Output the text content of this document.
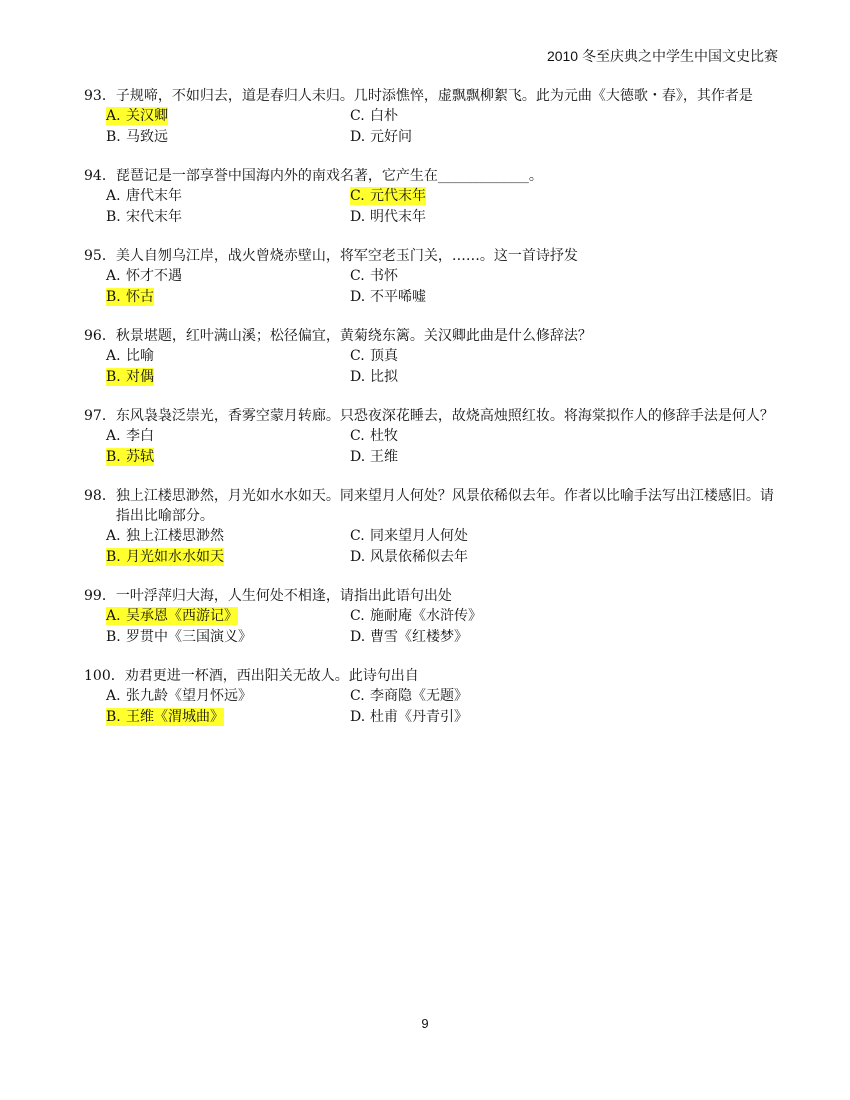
2010 冬至庆典之中学生中国文史比赛
93． 子规啼，不如归去，道是春归人未归。几时添憔悴，虚飘飘柳絮飞。此为元曲《大德歌・春》，其作者是
A. 关汉卿	C. 白朴
B. 马致远	D. 元好问
94． 琵琶记是一部享誉中国海内外的南戏名著，它产生在_____________。
A. 唐代末年	C. 元代末年
B. 宋代末年	D. 明代末年
95． 美人自刎乌江岸，战火曾烧赤壁山，将军空老玉门关，……。这一首诗抒发
A. 怀才不遇	C. 书怀
B. 怀古	D. 不平唏嘘
96． 秋景堪题，红叶满山溪；松径偏宜，黄菊绕东篱。关汉卿此曲是什么修辞法？
A. 比喻	C. 顶真
B. 对偶	D. 比拟
97． 东风袅袅泛崇光，香雾空蒙月转廊。只恐夜深花睡去，故烧高烛照红妆。将海棠拟作人的修辞手法是何人？
A. 李白	C. 杜牧
B. 苏轼	D. 王维
98． 独上江楼思渺然，月光如水水如天。同来望月人何处？风景依稀似去年。作者以比喻手法写出江楼感旧。请指出比喻部分。
A. 独上江楼思渺然	C. 同来望月人何处
B. 月光如水水如天	D. 风景依稀似去年
99． 一叶浮萍归大海，人生何处不相逢，请指出此语句出处
A. 吴承恩《西游记》	C. 施耐庵《水浒传》
B. 罗贯中《三国演义》	D. 曹雪《红楼梦》
100． 劝君更进一杯酒，西出阳关无故人。此诗句出自
A. 张九龄《望月怀远》	C. 李商隐《无题》
B. 王维《渭城曲》	D. 杜甫《丹青引》
9
